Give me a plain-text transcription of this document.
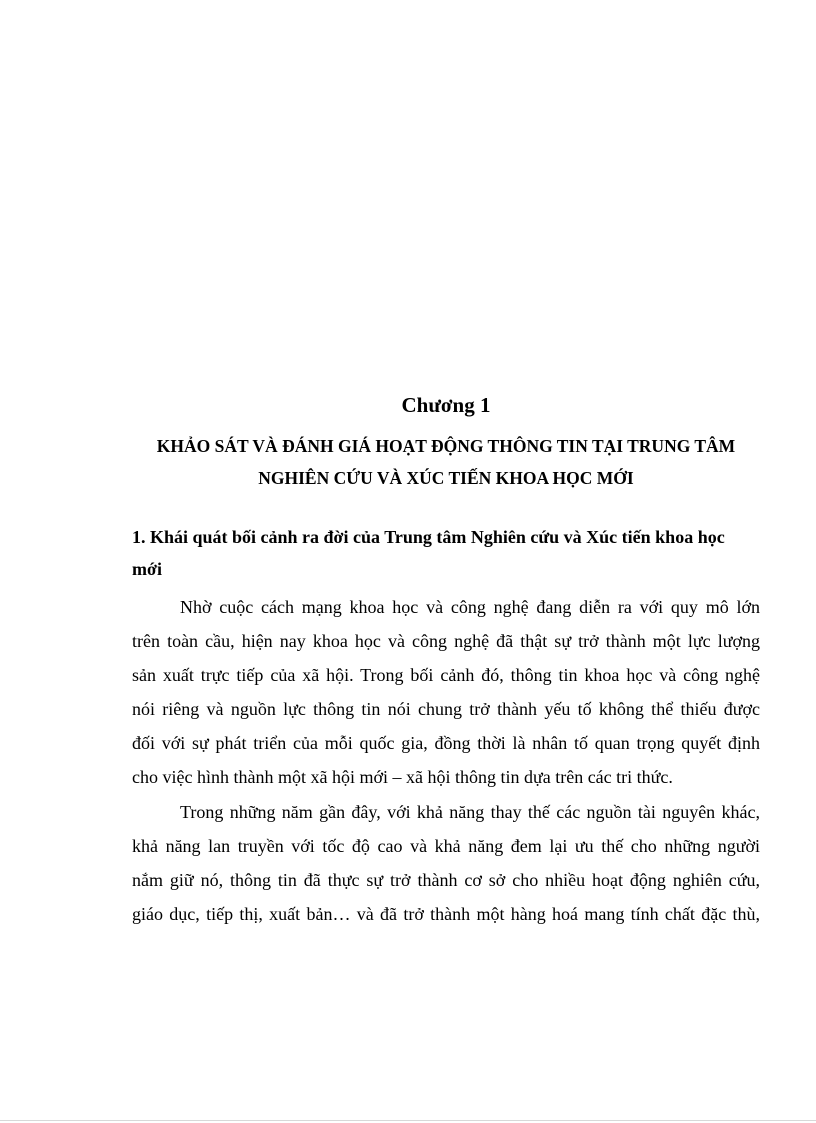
Chương 1
KHẢO SÁT VÀ ĐÁNH GIÁ HOẠT ĐỘNG THÔNG TIN TẠI TRUNG TÂM
NGHIÊN CỨU VÀ XÚC TIẾN KHOA HỌC MỚI
1. Khái quát bối cảnh ra đời của Trung tâm Nghiên cứu và Xúc tiến khoa học
mới
Nhờ cuộc cách mạng khoa học và công nghệ đang diễn ra với quy mô lớn
trên toàn cầu, hiện nay khoa học và công nghệ đã thật sự trở thành một lực lượng
sản xuất trực tiếp của xã hội. Trong bối cảnh đó, thông tin khoa học và công nghệ
nói riêng và nguồn lực thông tin nói chung trở thành yếu tố không thể thiếu được
đối với sự phát triển của mỗi quốc gia, đồng thời là nhân tố quan trọng quyết định
cho việc hình thành một xã hội mới – xã hội thông tin dựa trên các tri thức.
Trong những năm gần đây, với khả năng thay thế các nguồn tài nguyên khác,
khả năng lan truyền với tốc độ cao và khả năng đem lại ưu thế cho những người
nắm giữ nó, thông tin đã thực sự trở thành cơ sở cho nhiều hoạt động nghiên cứu,
giáo dục, tiếp thị, xuất bản… và đã trở thành một hàng hoá mang tính chất đặc thù,
